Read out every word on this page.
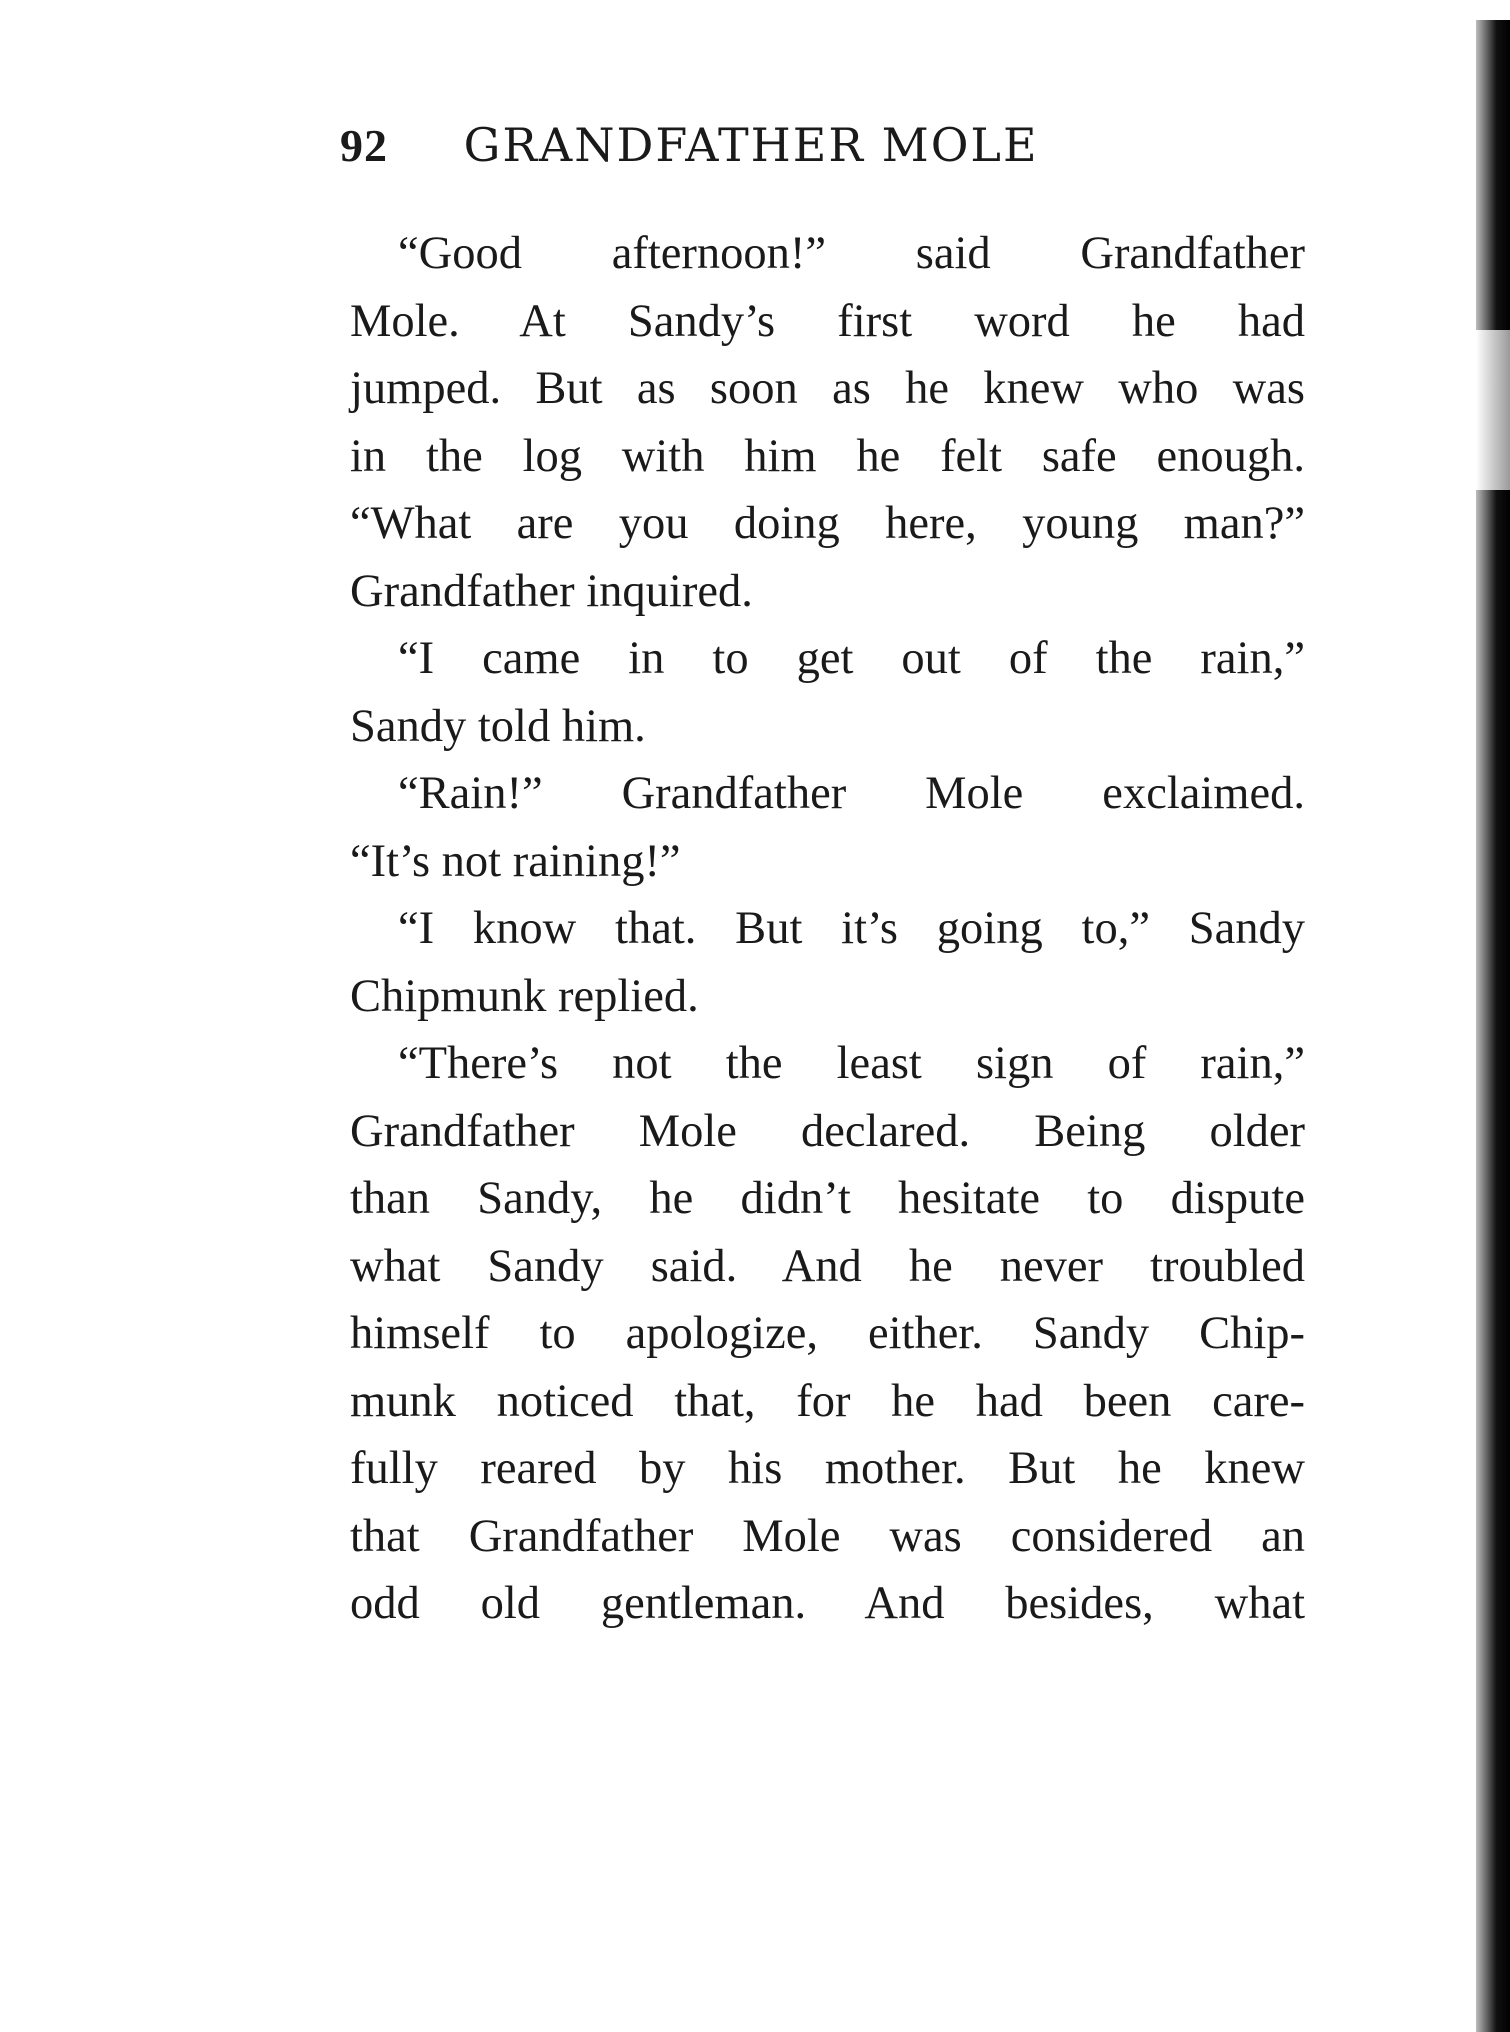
92 GRANDFATHER MOLE
“Good afternoon!” said Grandfather
Mole. At Sandy’s first word he had
jumped. But as soon as he knew who was
in the log with him he felt safe enough.
“What are you doing here, young man?”
Grandfather inquired.
“I came in to get out of the rain,”
Sandy told him.
“Rain!” Grandfather Mole exclaimed.
“It’s not raining!”
“I know that. But it’s going to,” Sandy
Chipmunk replied.
“There’s not the least sign of rain,”
Grandfather Mole declared. Being older
than Sandy, he didn’t hesitate to dispute
what Sandy said. And he never troubled
himself to apologize, either. Sandy Chip-
munk noticed that, for he had been care-
fully reared by his mother. But he knew
that Grandfather Mole was considered an
odd old gentleman. And besides, what
